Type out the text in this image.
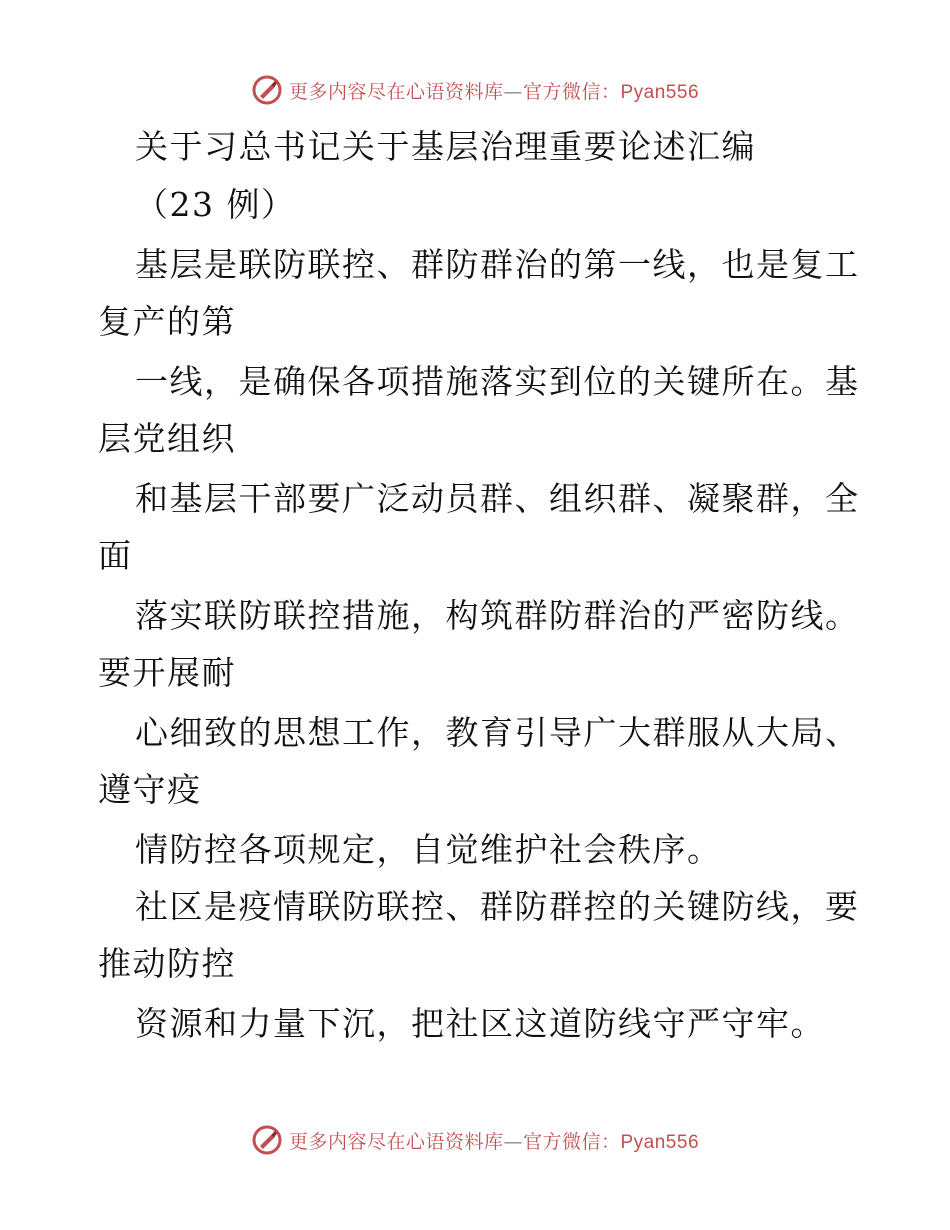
更多内容尽在心语资料库—官方微信：Pyan556
关于习总书记关于基层治理重要论述汇编
（23 例）
基层是联防联控、群防群治的第一线，也是复工
复产的第
一线，是确保各项措施落实到位的关键所在。基
层党组织
和基层干部要广泛动员群、组织群、凝聚群，全
面
落实联防联控措施，构筑群防群治的严密防线。
要开展耐
心细致的思想工作，教育引导广大群服从大局、
遵守疫
情防控各项规定，自觉维护社会秩序。
社区是疫情联防联控、群防群控的关键防线，要
推动防控
资源和力量下沉，把社区这道防线守严守牢。
更多内容尽在心语资料库—官方微信：Pyan556
